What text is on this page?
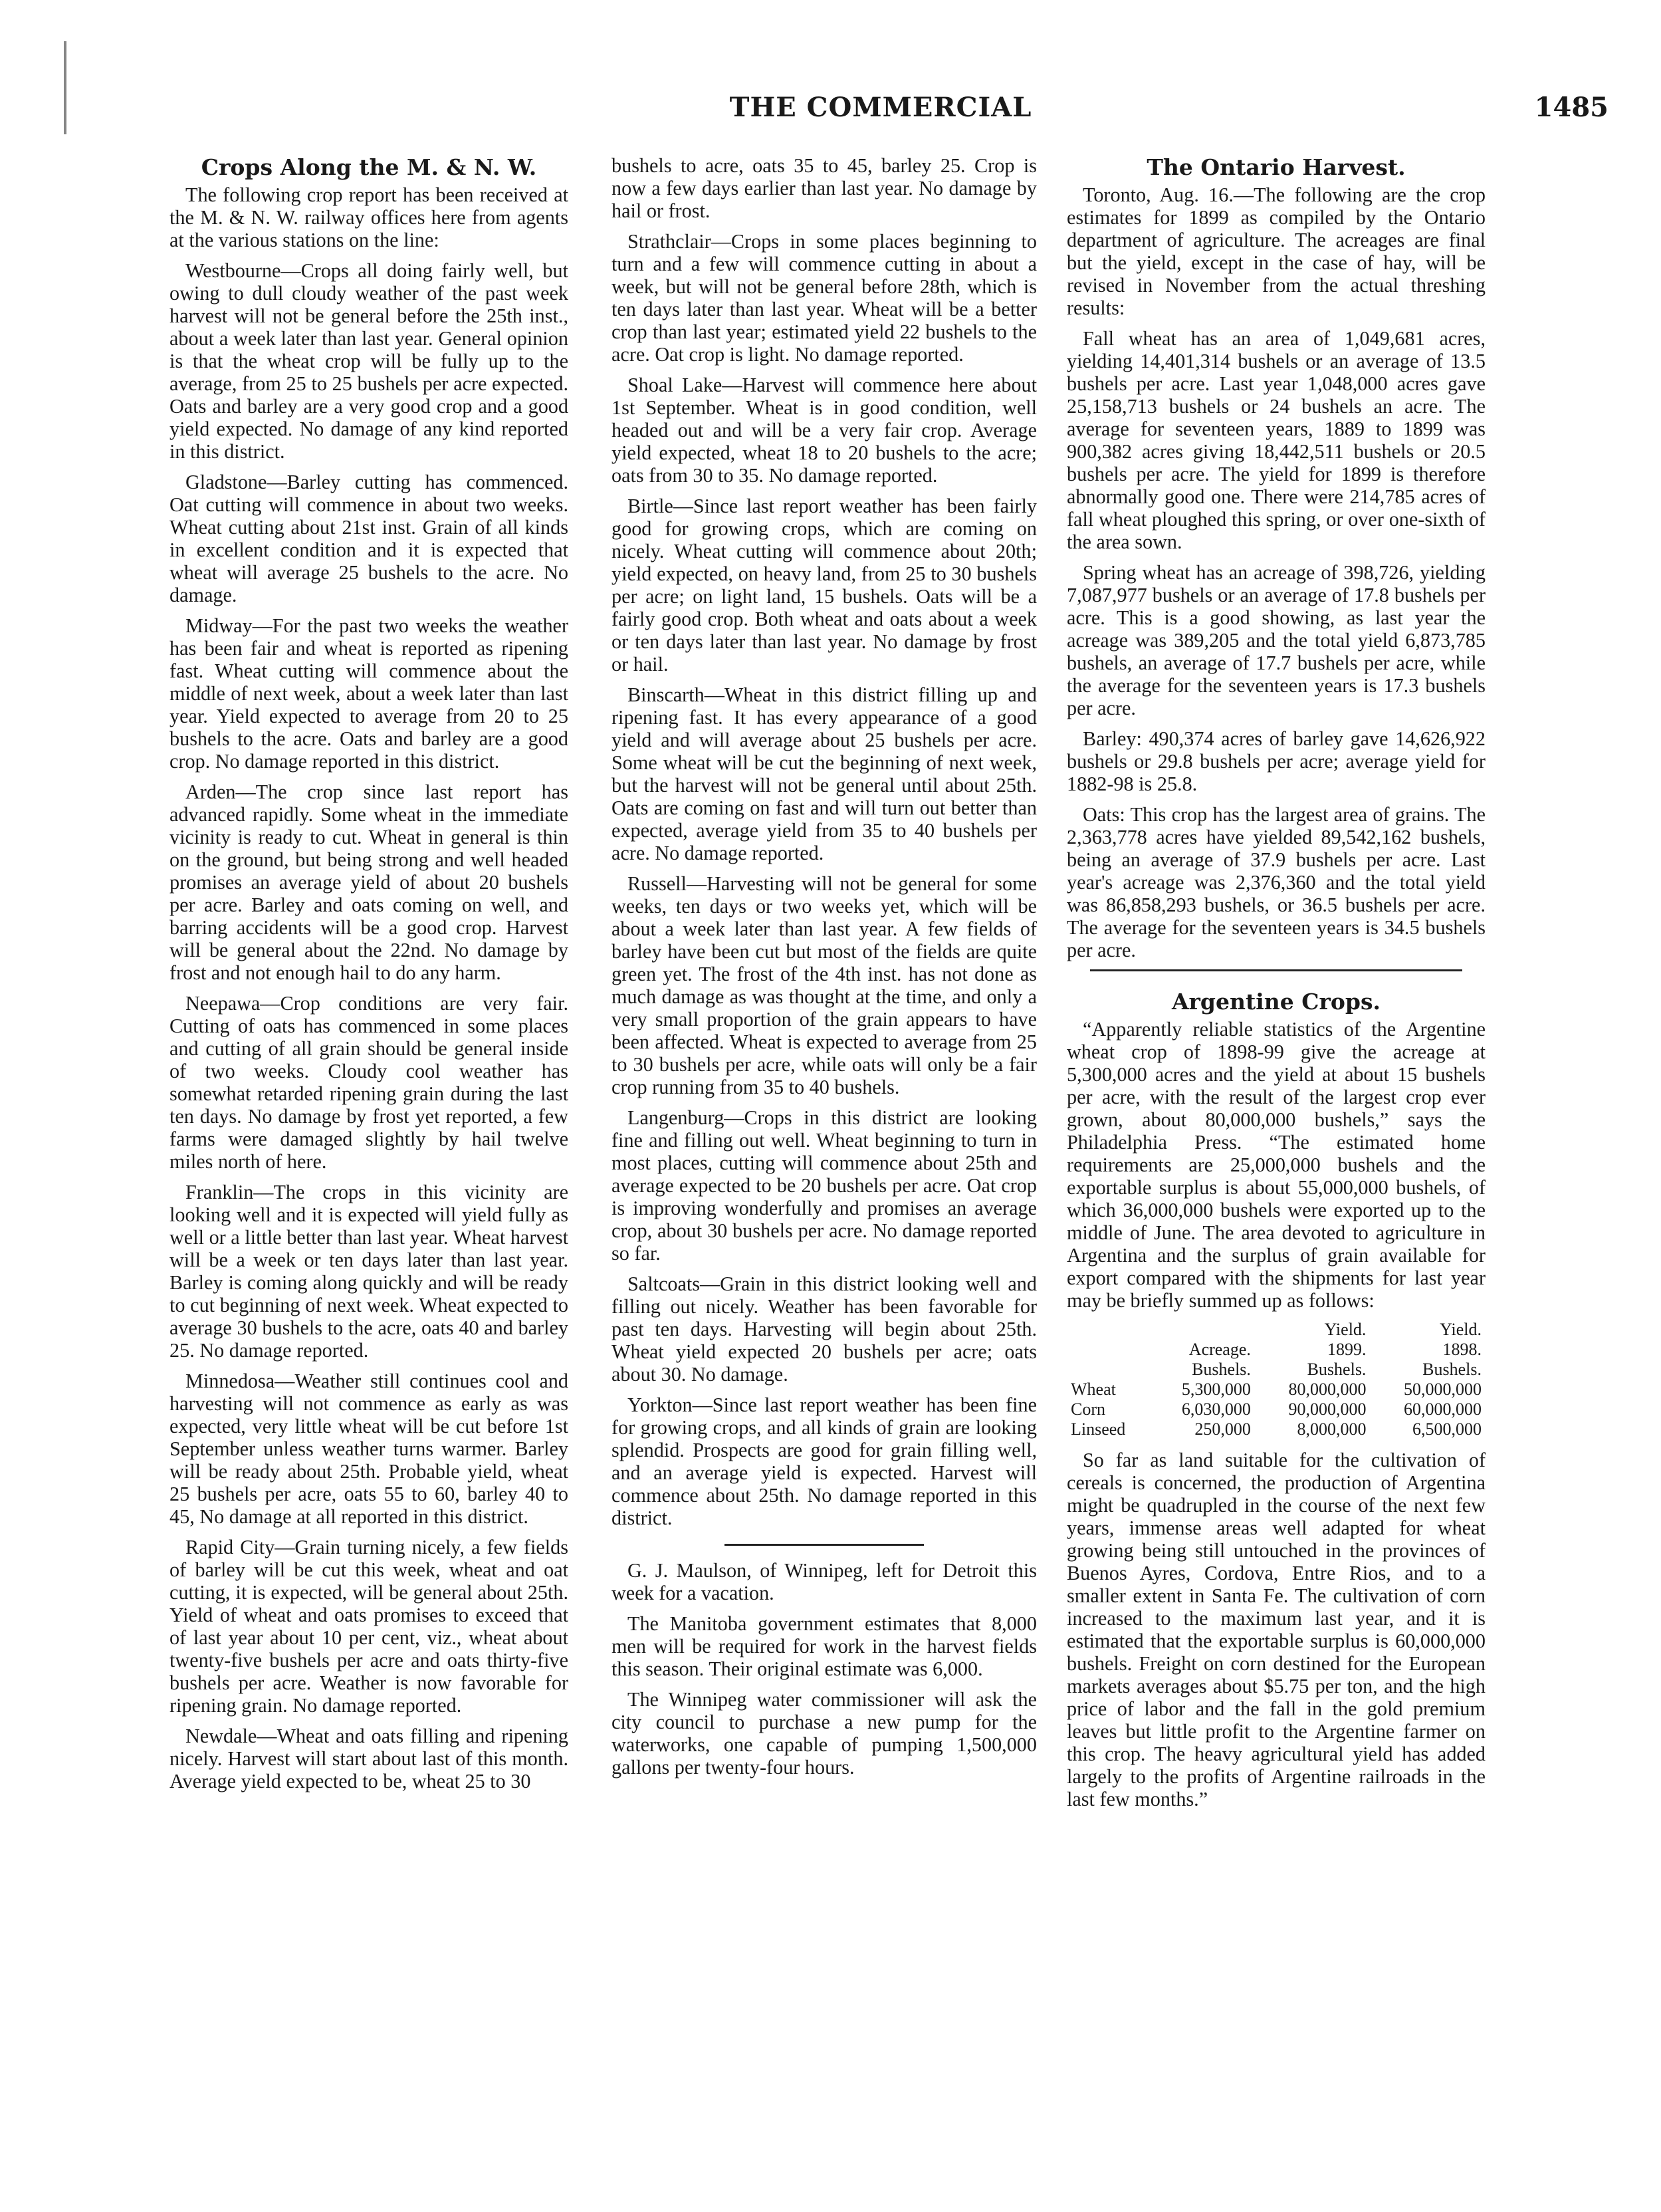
THE COMMERCIAL	1485
Crops Along the M. & N. W.

The following crop report has been received at the M. & N. W. railway offices here from agents at the various stations on the line:

Westbourne—Crops all doing fairly well, but owing to dull cloudy weather of the past week harvest will not be general before the 25th inst., about a week later than last year. General opinion is that the wheat crop will be fully up to the average, from 25 to 25 bushels per acre expected. Oats and barley are a very good crop and a good yield expected. No damage of any kind reported in this district.

Gladstone—Barley cutting has commenced. Oat cutting will commence in about two weeks. Wheat cutting about 21st inst. Grain of all kinds in excellent condition and it is expected that wheat will average 25 bushels to the acre. No damage.

Midway—For the past two weeks the weather has been fair and wheat is reported as ripening fast. Wheat cutting will commence about the middle of next week, about a week later than last year. Yield expected to average from 20 to 25 bushels to the acre. Oats and barley are a good crop. No damage reported in this district.

Arden—The crop since last report has advanced rapidly. Some wheat in the immediate vicinity is ready to cut. Wheat in general is thin on the ground, but being strong and well headed promises an average yield of about 20 bushels per acre. Barley and oats coming on well, and barring accidents will be a good crop. Harvest will be general about the 22nd. No damage by frost and not enough hail to do any harm.

Neepawa—Crop conditions are very fair. Cutting of oats has commenced in some places and cutting of all grain should be general inside of two weeks. Cloudy cool weather has somewhat retarded ripening grain during the last ten days. No damage by frost yet reported, a few farms were damaged slightly by hail twelve miles north of here.

Franklin—The crops in this vicinity are looking well and it is expected will yield fully as well or a little better than last year. Wheat harvest will be a week or ten days later than last year. Barley is coming along quickly and will be ready to cut beginning of next week. Wheat expected to average 30 bushels to the acre, oats 40 and barley 25. No damage reported.

Minnedosa—Weather still continues cool and harvesting will not commence as early as was expected, very little wheat will be cut before 1st September unless weather turns warmer. Barley will be ready about 25th. Probable yield, wheat 25 bushels per acre, oats 55 to 60, barley 40 to 45, No damage at all reported in this district.

Rapid City—Grain turning nicely, a few fields of barley will be cut this week, wheat and oat cutting, it is expected, will be general about 25th. Yield of wheat and oats promises to exceed that of last year about 10 per cent, viz., wheat about twenty-five bushels per acre and oats thirty-five bushels per acre. Weather is now favorable for ripening grain. No damage reported.

Newdale—Wheat and oats filling and ripening nicely. Harvest will start about last of this month. Average yield expected to be, wheat 25 to 30

bushels to acre, oats 35 to 45, barley 25. Crop is now a few days earlier than last year. No damage by hail or frost.

Strathclair—Crops in some places beginning to turn and a few will commence cutting in about a week, but will not be general before 28th, which is ten days later than last year. Wheat will be a better crop than last year; estimated yield 22 bushels to the acre. Oat crop is light. No damage reported.

Shoal Lake—Harvest will commence here about 1st September. Wheat is in good condition, well headed out and will be a very fair crop. Average yield expected, wheat 18 to 20 bushels to the acre; oats from 30 to 35. No damage reported.

Birtle—Since last report weather has been fairly good for growing crops, which are coming on nicely. Wheat cutting will commence about 20th; yield expected, on heavy land, from 25 to 30 bushels per acre; on light land, 15 bushels. Oats will be a fairly good crop. Both wheat and oats about a week or ten days later than last year. No damage by frost or hail.

Binscarth—Wheat in this district filling up and ripening fast. It has every appearance of a good yield and will average about 25 bushels per acre. Some wheat will be cut the beginning of next week, but the harvest will not be general until about 25th. Oats are coming on fast and will turn out better than expected, average yield from 35 to 40 bushels per acre. No damage reported.

Russell—Harvesting will not be general for some weeks, ten days or two weeks yet, which will be about a week later than last year. A few fields of barley have been cut but most of the fields are quite green yet. The frost of the 4th inst. has not done as much damage as was thought at the time, and only a very small proportion of the grain appears to have been affected. Wheat is expected to average from 25 to 30 bushels per acre, while oats will only be a fair crop running from 35 to 40 bushels.

Langenburg—Crops in this district are looking fine and filling out well. Wheat beginning to turn in most places, cutting will commence about 25th and average expected to be 20 bushels per acre. Oat crop is improving wonderfully and promises an average crop, about 30 bushels per acre. No damage reported so far.

Saltcoats—Grain in this district looking well and filling out nicely. Weather has been favorable for past ten days. Harvesting will begin about 25th. Wheat yield expected 20 bushels per acre; oats about 30. No damage.

Yorkton—Since last report weather has been fine for growing crops, and all kinds of grain are looking splendid. Prospects are good for grain filling well, and an average yield is expected. Harvest will commence about 25th. No damage reported in this district.

G. J. Maulson, of Winnipeg, left for Detroit this week for a vacation.

The Manitoba government estimates that 8,000 men will be required for work in the harvest fields this season. Their original estimate was 6,000.

The Winnipeg water commissioner will ask the city council to purchase a new pump for the waterworks, one capable of pumping 1,500,000 gallons per twenty-four hours.

The Ontario Harvest.

Toronto, Aug. 16.—The following are the crop estimates for 1899 as compiled by the Ontario department of agriculture. The acreages are final but the yield, except in the case of hay, will be revised in November from the actual threshing results:

Fall wheat has an area of 1,049,681 acres, yielding 14,401,314 bushels or an average of 13.5 bushels per acre. Last year 1,048,000 acres gave 25,158,713 bushels or 24 bushels an acre. The average for seventeen years, 1889 to 1899 was 900,382 acres giving 18,442,511 bushels or 20.5 bushels per acre. The yield for 1899 is therefore abnormally good one. There were 214,785 acres of fall wheat ploughed this spring, or over one-sixth of the area sown.

Spring wheat has an acreage of 398,726, yielding 7,087,977 bushels or an average of 17.8 bushels per acre. This is a good showing, as last year the acreage was 389,205 and the total yield 6,873,785 bushels, an average of 17.7 bushels per acre, while the average for the seventeen years is 17.3 bushels per acre.

Barley: 490,374 acres of barley gave 14,626,922 bushels or 29.8 bushels per acre; average yield for 1882-98 is 25.8.

Oats: This crop has the largest area of grains. The 2,363,778 acres have yielded 89,542,162 bushels, being an average of 37.9 bushels per acre. Last year's acreage was 2,376,360 and the total yield was 86,858,293 bushels, or 36.5 bushels per acre. The average for the seventeen years is 34.5 bushels per acre.

Argentine Crops.

“Apparently reliable statistics of the Argentine wheat crop of 1898-99 give the acreage at 5,300,000 acres and the yield at about 15 bushels per acre, with the result of the largest crop ever grown, about 80,000,000 bushels,” says the Philadelphia Press. “The estimated home requirements are 25,000,000 bushels and the exportable surplus is about 55,000,000 bushels, of which 36,000,000 bushels were exported up to the middle of June. The area devoted to agriculture in Argentina and the surplus of grain available for export compared with the shipments for last year may be briefly summed up as follows:

		Yield.	Yield.
	Acreage.	1899.	1898.
	Bushels.	Bushels.	Bushels.
Wheat	5,300,000	80,000,000	50,000,000
Corn	6,030,000	90,000,000	60,000,000
Linseed	250,000	8,000,000	6,500,000

So far as land suitable for the cultivation of cereals is concerned, the production of Argentina might be quadrupled in the course of the next few years, immense areas well adapted for wheat growing being still untouched in the provinces of Buenos Ayres, Cordova, Entre Rios, and to a smaller extent in Santa Fe. The cultivation of corn increased to the maximum last year, and it is estimated that the exportable surplus is 60,000,000 bushels. Freight on corn destined for the European markets averages about $5.75 per ton, and the high price of labor and the fall in the gold premium leaves but little profit to the Argentine farmer on this crop. The heavy agricultural yield has added largely to the profits of Argentine railroads in the last few months.”
